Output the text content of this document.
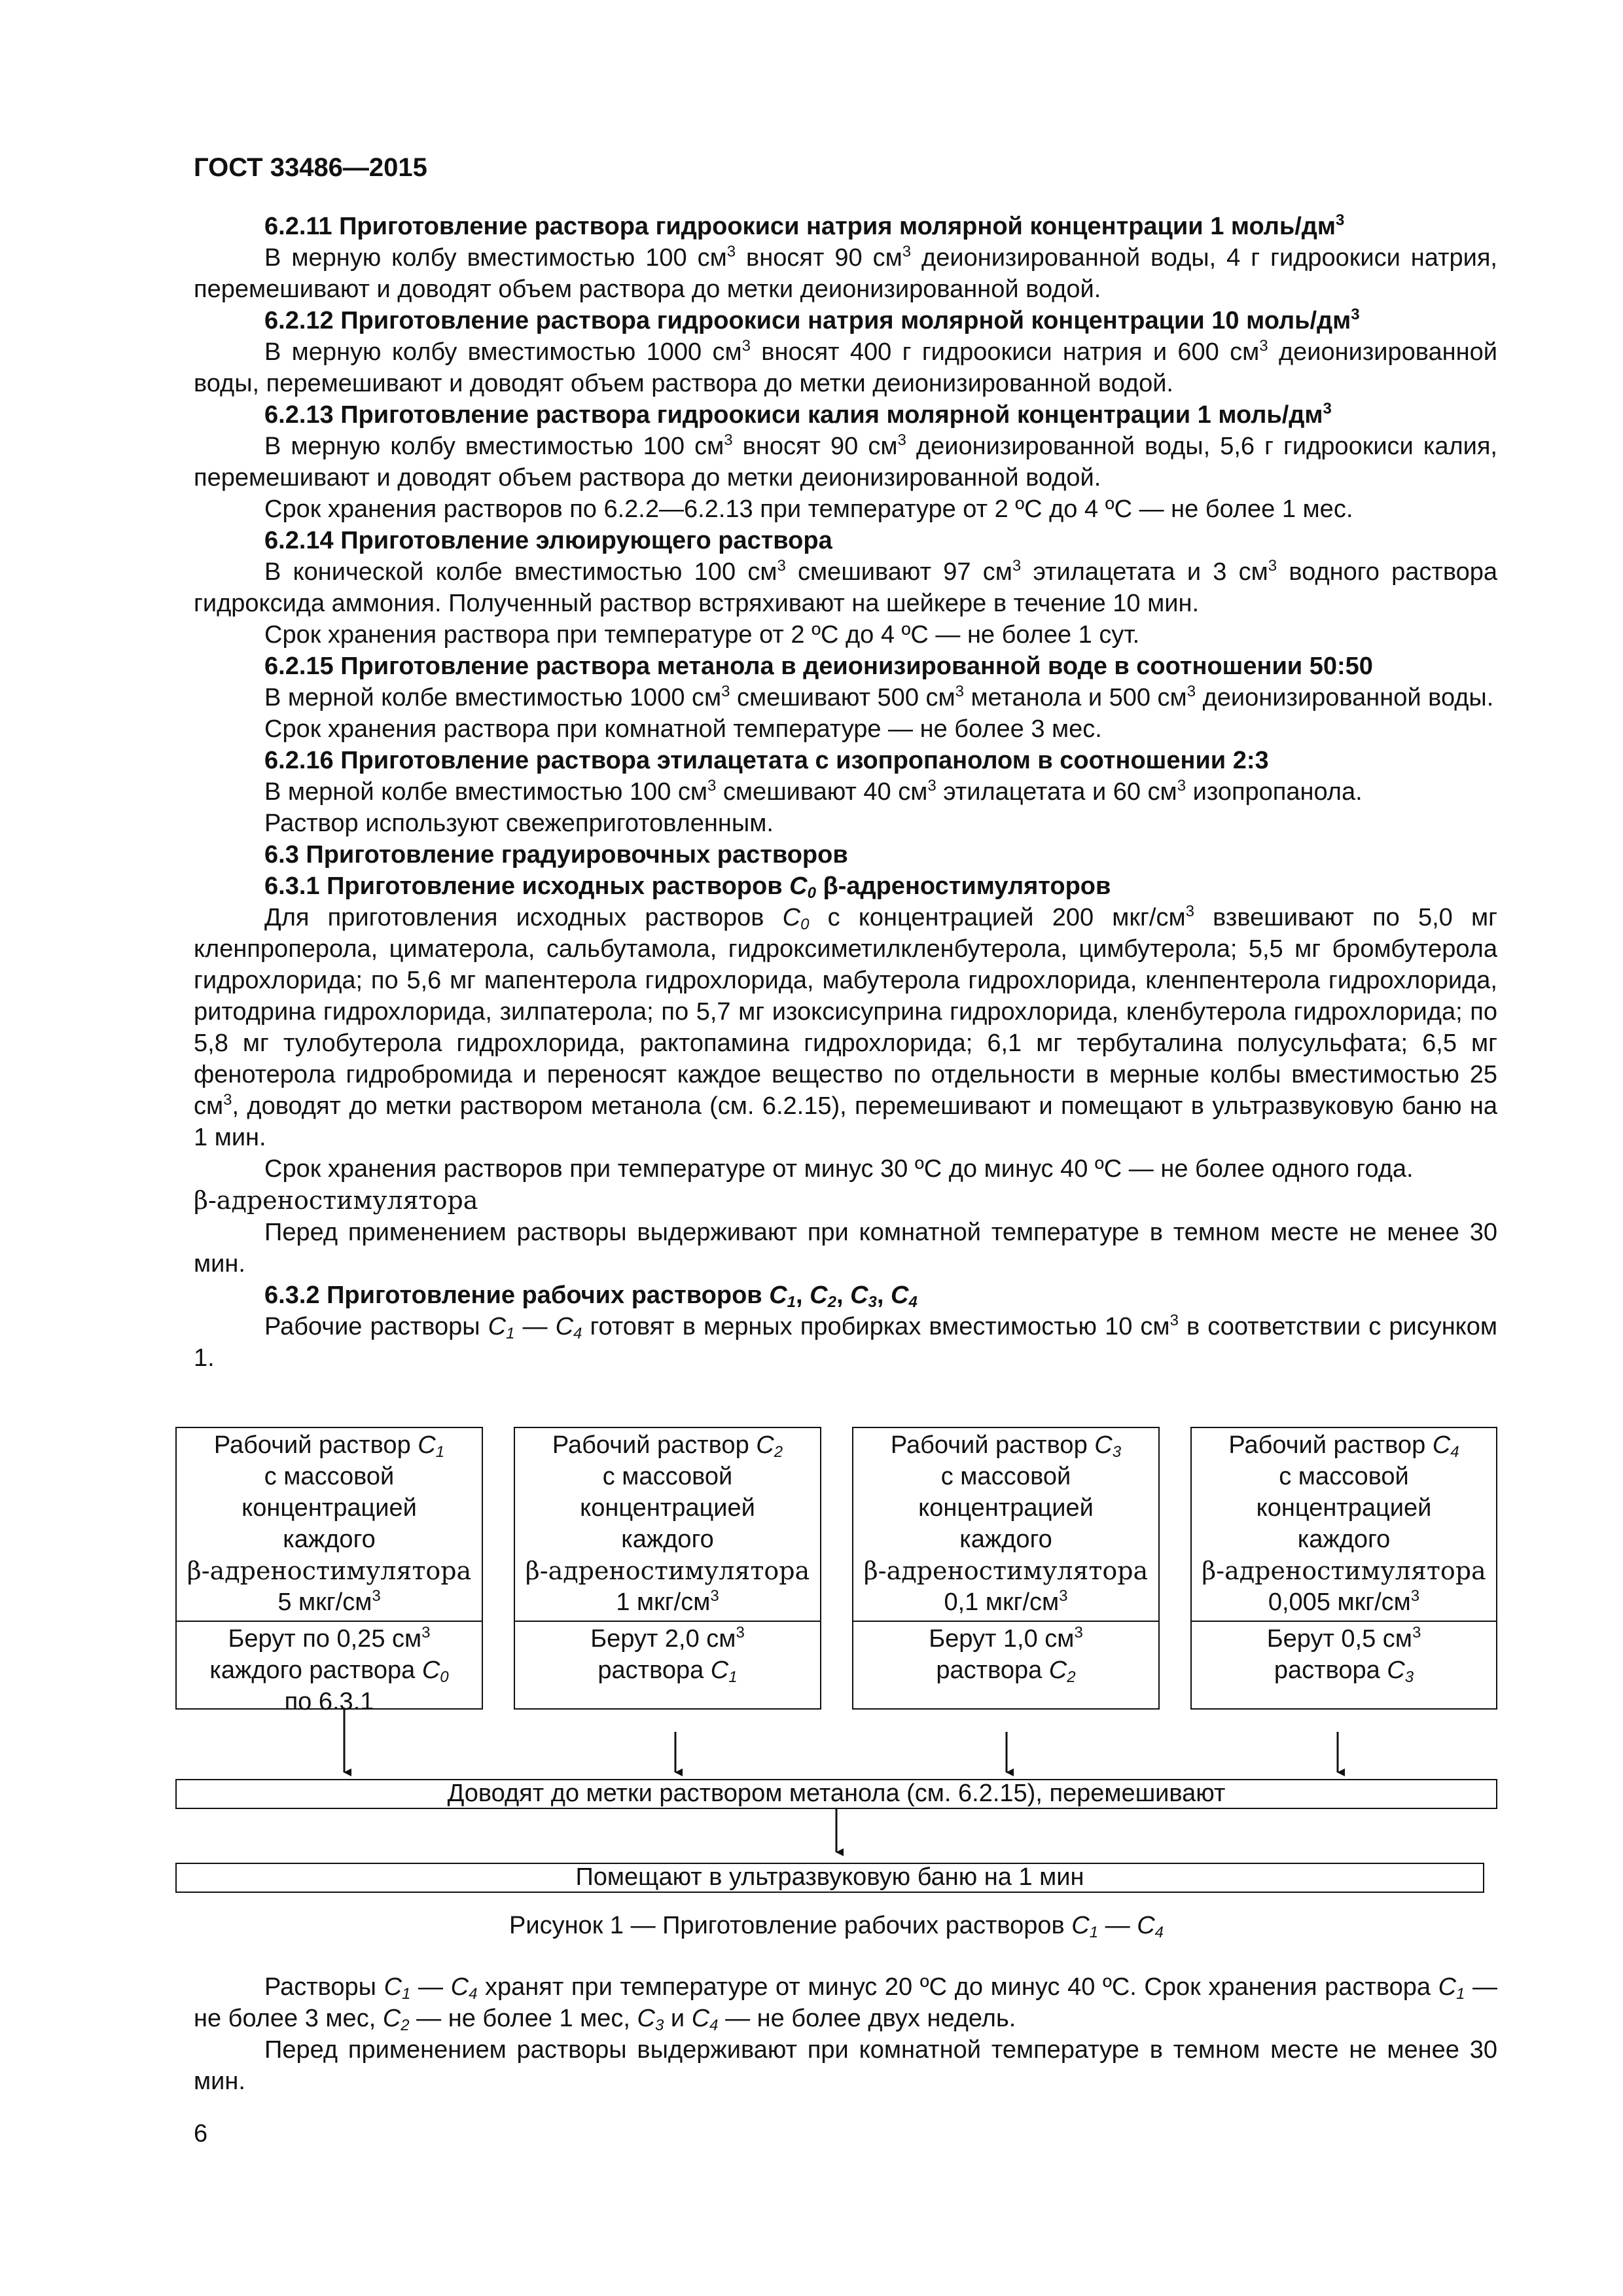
ГОСТ 33486—2015

6.2.11 Приготовление раствора гидроокиси натрия молярной концентрации 1 моль/$дм^3$

В мерную колбу вместимостью 100 $см^3$ вносят 90 $см^3$ деионизированной воды, 4 г гидроокиси натрия, перемешивают и доводят объем раствора до метки деионизированной водой.

6.2.12 Приготовление раствора гидроокиси натрия молярной концентрации 10 моль/$дм^3$

В мерную колбу вместимостью 1000 $см^3$ вносят 400 г гидроокиси натрия и 600 $см^3$ деионизированной воды, перемешивают и доводят объем раствора до метки деионизированной водой.

6.2.13 Приготовление раствора гидроокиси калия молярной концентрации 1 моль/$дм^3$

В мерную колбу вместимостью 100 $см^3$ вносят 90 $см^3$ деионизированной воды, 5,6 г гидроокиси калия, перемешивают и доводят объем раствора до метки деионизированной водой.

Срок хранения растворов по 6.2.2—6.2.13 при температуре от 2 ºС до 4 ºС — не более 1 мес.

6.2.14 Приготовление элюирующего раствора

В конической колбе вместимостью 100 $см^3$ смешивают 97 $см^3$ этилацетата и 3 $см^3$ водного раствора гидроксида аммония. Полученный раствор встряхивают на шейкере в течение 10 мин.

Срок хранения раствора при температуре от 2 ºС до 4 ºС — не более 1 сут.

6.2.15 Приготовление раствора метанола в деионизированной воде в соотношении 50:50

В мерной колбе вместимостью 1000 $см^3$ смешивают 500 $см^3$ метанола и 500 $см^3$ деионизированной воды.

Срок хранения раствора при комнатной температуре — не более 3 мес.

6.2.16 Приготовление раствора этилацетата с изопропанолом в соотношении 2:3

В мерной колбе вместимостью 100 $см^3$ смешивают 40 $см^3$ этилацетата и 60 $см^3$ изопропанола.

Раствор используют свежеприготовленным.

6.3 Приготовление градуировочных растворов

6.3.1 Приготовление исходных растворов $С_0$ β-адреностимуляторов

Для приготовления исходных растворов $С_0$ с концентрацией 200 мкг/$см^3$ взвешивают по 5,0 мг кленпроперола, циматерола, сальбутамола, гидроксиметилкленбутерола, цимбутерола; 5,5 мг бромбутерола гидрохлорида; по 5,6 мг мапентерола гидрохлорида, мабутерола гидрохлорида, кленпентерола гидрохлорида, ритодрина гидрохлорида, зилпатерола; по 5,7 мг изоксисуприна гидрохлорида, кленбутерола гидрохлорида; по 5,8 мг тулобутерола гидрохлорида, рактопамина гидрохлорида; 6,1 мг тербуталина полусульфата; 6,5 мг фенотерола гидробромида и переносят каждое вещество по отдельности в мерные колбы вместимостью 25 $см^3$, доводят до метки раствором метанола (см. 6.2.15), перемешивают и помещают в ультразвуковую баню на 1 мин.

Срок хранения растворов при температуре от минус 30 ºС до минус 40 ºС — не более одного года.

β-адреностимулятора

Перед применением растворы выдерживают при комнатной температуре в темном месте не менее 30 мин.

6.3.2 Приготовление рабочих растворов $С_1$, $С_2$, $С_3$, $С_4$

Рабочие растворы $С_1$ — $С_4$ готовят в мерных пробирках вместимостью 10 $см^3$ в соответствии с рисунком 1.

Рабочий раствор $С_1$
с массовой
концентрацией
каждого
β-адреностимулятора
5 мкг/$см^3$
Берут по 0,25 $см^3$
каждого раствора $С_0$
по 6.3.1
Рабочий раствор $С_2$
с массовой
концентрацией
каждого
β-адреностимулятора
1 мкг/$см^3$
Берут 2,0 $см^3$
раствора $С_1$
Рабочий раствор $С_3$
с массовой
концентрацией
каждого
β-адреностимулятора
0,1 мкг/$см^3$
Берут 1,0 $см^3$
раствора $С_2$
Рабочий раствор $С_4$
с массовой
концентрацией
каждого
β-адреностимулятора
0,005 мкг/$см^3$
Берут 0,5 $см^3$
раствора $С_3$
Доводят до метки раствором метанола (см. 6.2.15), перемешивают
Помещают в ультразвуковую баню на 1 мин
Рисунок 1 — Приготовление рабочих растворов $С_1$ — $С_4$

Растворы $С_1$ — $С_4$ хранят при температуре от минус 20 ºС до минус 40 ºС. Срок хранения раствора $С_1$ — не более 3 мес, $С_2$ — не более 1 мес, $С_3$ и $С_4$ — не более двух недель.

Перед применением растворы выдерживают при комнатной температуре в темном месте не менее 30 мин.

6
